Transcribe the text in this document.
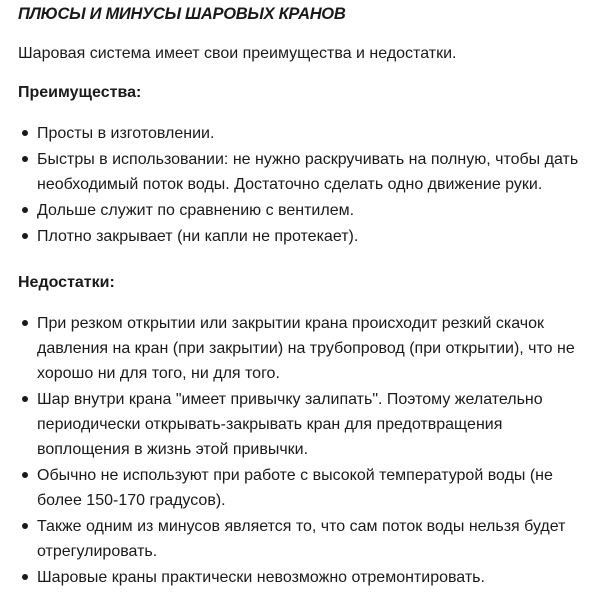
ПЛЮСЫ И МИНУСЫ ШАРОВЫХ КРАНОВ

Шаровая система имеет свои преимущества и недостатки.

Преимущества:

Просты в изготовлении.
Быстры в использовании: не нужно раскручивать на полную, чтобы дать необходимый поток воды. Достаточно сделать одно движение руки.
Дольше служит по сравнению с вентилем.
Плотно закрывает (ни капли не протекает).

Недостатки:

При резком открытии или закрытии крана происходит резкий скачок давления на кран (при закрытии) на трубопровод (при открытии), что не хорошо ни для того, ни для того.
Шар внутри крана "имеет привычку залипать". Поэтому желательно периодически открывать-закрывать кран для предотвращения воплощения в жизнь этой привычки.
Обычно не используют при работе с высокой температурой воды (не более 150-170 градусов).
Также одним из минусов является то, что сам поток воды нельзя будет отрегулировать.
Шаровые краны практически невозможно отремонтировать.
